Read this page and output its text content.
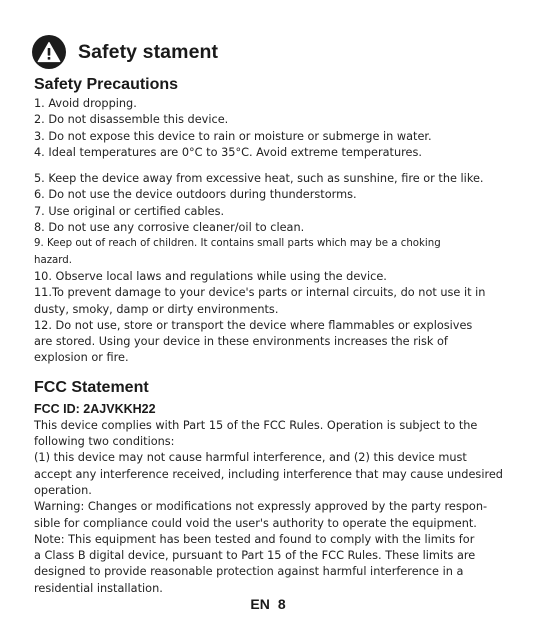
Safety stament
Safety Precautions
1. Avoid dropping.
2. Do not disassemble this device.
3. Do not expose this device to rain or moisture or submerge in water.
4. Ideal temperatures are 0°C to 35°C. Avoid extreme temperatures.
5. Keep the device away from excessive heat, such as sunshine, fire or the like.
6. Do not use the device outdoors during thunderstorms.
7. Use original or certified cables.
8. Do not use any corrosive cleaner/oil to clean.
9. Keep out of reach of children. It contains small parts which may be a choking
hazard.
10. Observe local laws and regulations while using the device.
11.To prevent damage to your device's parts or internal circuits, do not use it in
dusty, smoky, damp or dirty environments.
12. Do not use, store or transport the device where flammables or explosives
are stored. Using your device in these environments increases the risk of
explosion or fire.
FCC Statement
FCC ID: 2AJVKKH22
This device complies with Part 15 of the FCC Rules. Operation is subject to the
following two conditions:
(1) this device may not cause harmful interference, and (2) this device must
accept any interference received, including interference that may cause undesired
operation.
Warning: Changes or modifications not expressly approved by the party respon-
sible for compliance could void the user's authority to operate the equipment.
Note: This equipment has been tested and found to comply with the limits for
a Class B digital device, pursuant to Part 15 of the FCC Rules. These limits are
designed to provide reasonable protection against harmful interference in a
residential installation.
EN 8
